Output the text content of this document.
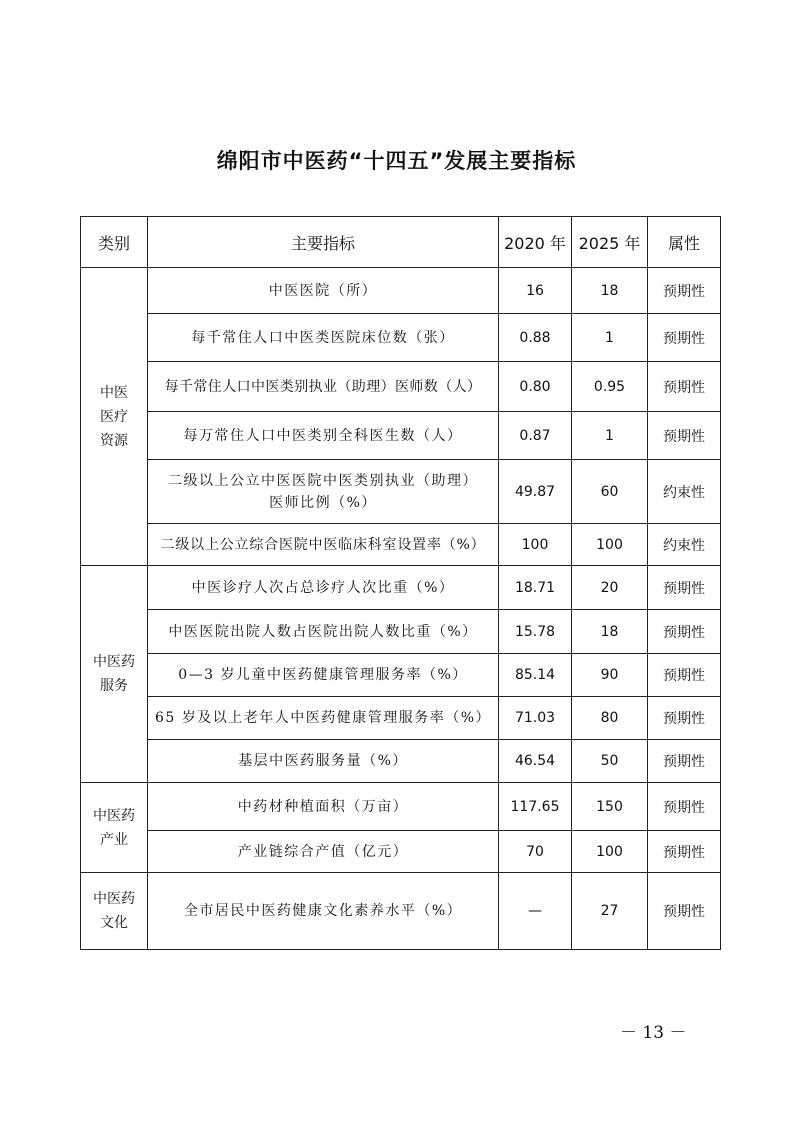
绵阳市中医药“十四五”发展主要指标
类别	主要指标	2020 年	2025 年	属性

中医
医疗
资源	中医医院（所）	16	18	预期性
	每千常住人口中医类医院床位数（张）	0.88	1	预期性
	每千常住人口中医类别执业（助理）医师数（人）	0.80	0.95	预期性
	每万常住人口中医类别全科医生数（人）	0.87	1	预期性

	二级以上公立中医医院中医类别执业（助理）
医师比例（%）	49.87	60	约束性
	二级以上公立综合医院中医临床科室设置率（%）	100	100	约束性

中医药
服务	中医诊疗人次占总诊疗人次比重（%）	18.71	20	预期性
	中医医院出院人数占医院出院人数比重（%）	15.78	18	预期性
	0—3 岁儿童中医药健康管理服务率（%）	85.14	90	预期性
	65 岁及以上老年人中医药健康管理服务率（%）	71.03	80	预期性
	基层中医药服务量（%）	46.54	50	预期性

中医药
产业	中药材种植面积（万亩）	117.65	150	预期性
	产业链综合产值（亿元）	70	100	预期性

中医药
文化	全市居民中医药健康文化素养水平（%）	—	27	预期性
－ 13 －
